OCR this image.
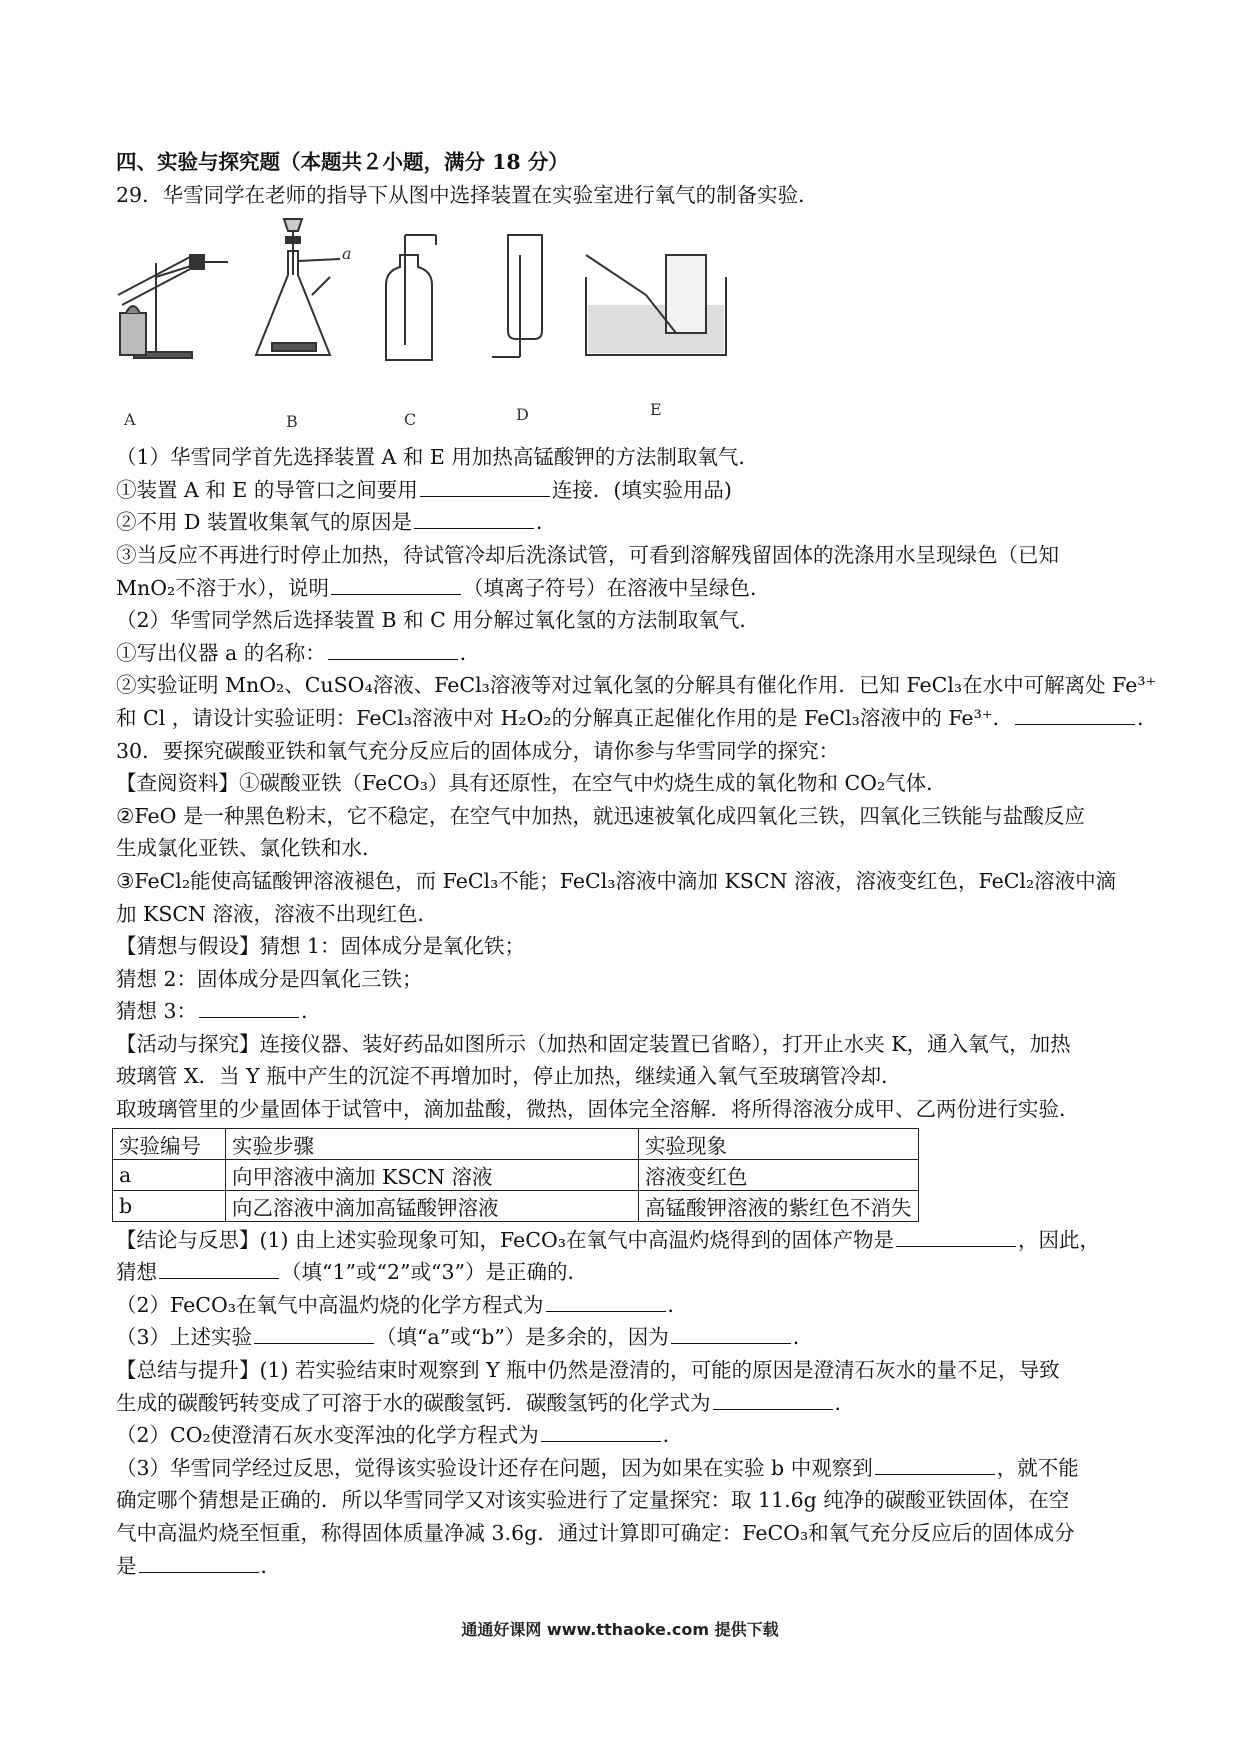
四、实验与探究题（本题共２小题，满分 18 分）
29．华雪同学在老师的指导下从图中选择装置在实验室进行氧气的制备实验．
A	B	C	D	E
a
（1）华雪同学首先选择装置 A 和 E 用加热高锰酸钾的方法制取氧气．
①装置 A 和 E 的导管口之间要用	连接．(填实验用品)
②不用 D 装置收集氧气的原因是	．
③当反应不再进行时停止加热，待试管冷却后洗涤试管，可看到溶解残留固体的洗涤用水呈现绿色（已知
MnO₂不溶于水），说明	（填离子符号）在溶液中呈绿色．
（2）华雪同学然后选择装置 B 和 C 用分解过氧化氢的方法制取氧气．
①写出仪器 a 的名称：	．
②实验证明 MnO₂、CuSO₄溶液、FeCl₃溶液等对过氧化氢的分解具有催化作用．已知 FeCl₃在水中可解离处 Fe³⁺
和 Cl ，请设计实验证明：FeCl₃溶液中对 H₂O₂的分解真正起催化作用的是 FeCl₃溶液中的 Fe³⁺．	．
30．要探究碳酸亚铁和氧气充分反应后的固体成分，请你参与华雪同学的探究：
【查阅资料】①碳酸亚铁（FeCO₃）具有还原性，在空气中灼烧生成的氧化物和 CO₂气体．
②FeO 是一种黑色粉末，它不稳定，在空气中加热，就迅速被氧化成四氧化三铁，四氧化三铁能与盐酸反应
生成氯化亚铁、氯化铁和水．
③FeCl₂能使高锰酸钾溶液褪色，而 FeCl₃不能；FeCl₃溶液中滴加 KSCN 溶液，溶液变红色，FeCl₂溶液中滴
加 KSCN 溶液，溶液不出现红色．
【猜想与假设】猜想 1：固体成分是氧化铁；
猜想 2：固体成分是四氧化三铁；
猜想 3：	．
【活动与探究】连接仪器、装好药品如图所示（加热和固定装置已省略），打开止水夹 K，通入氧气，加热
玻璃管 X．当 Y 瓶中产生的沉淀不再增加时，停止加热，继续通入氧气至玻璃管冷却．
取玻璃管里的少量固体于试管中，滴加盐酸，微热，固体完全溶解．将所得溶液分成甲、乙两份进行实验．
实验编号	实验步骤	实验现象
a	向甲溶液中滴加 KSCN 溶液	溶液变红色
b	向乙溶液中滴加高锰酸钾溶液	高锰酸钾溶液的紫红色不消失
【结论与反思】(1) 由上述实验现象可知，FeCO₃在氧气中高温灼烧得到的固体产物是	，因此，
猜想	（填“1”或“2”或“3”）是正确的．
（2）FeCO₃在氧气中高温灼烧的化学方程式为	．
（3）上述实验	（填“a”或“b”）是多余的，因为	．
【总结与提升】(1) 若实验结束时观察到 Y 瓶中仍然是澄清的，可能的原因是澄清石灰水的量不足，导致
生成的碳酸钙转变成了可溶于水的碳酸氢钙．碳酸氢钙的化学式为	．
（2）CO₂使澄清石灰水变浑浊的化学方程式为	．
（3）华雪同学经过反思，觉得该实验设计还存在问题，因为如果在实验 b 中观察到	，就不能
确定哪个猜想是正确的．所以华雪同学又对该实验进行了定量探究：取 11.6g 纯净的碳酸亚铁固体，在空
气中高温灼烧至恒重，称得固体质量净减 3.6g．通过计算即可确定：FeCO₃和氧气充分反应后的固体成分
是	．
通通好课网 www.tthaoke.com 提供下载
